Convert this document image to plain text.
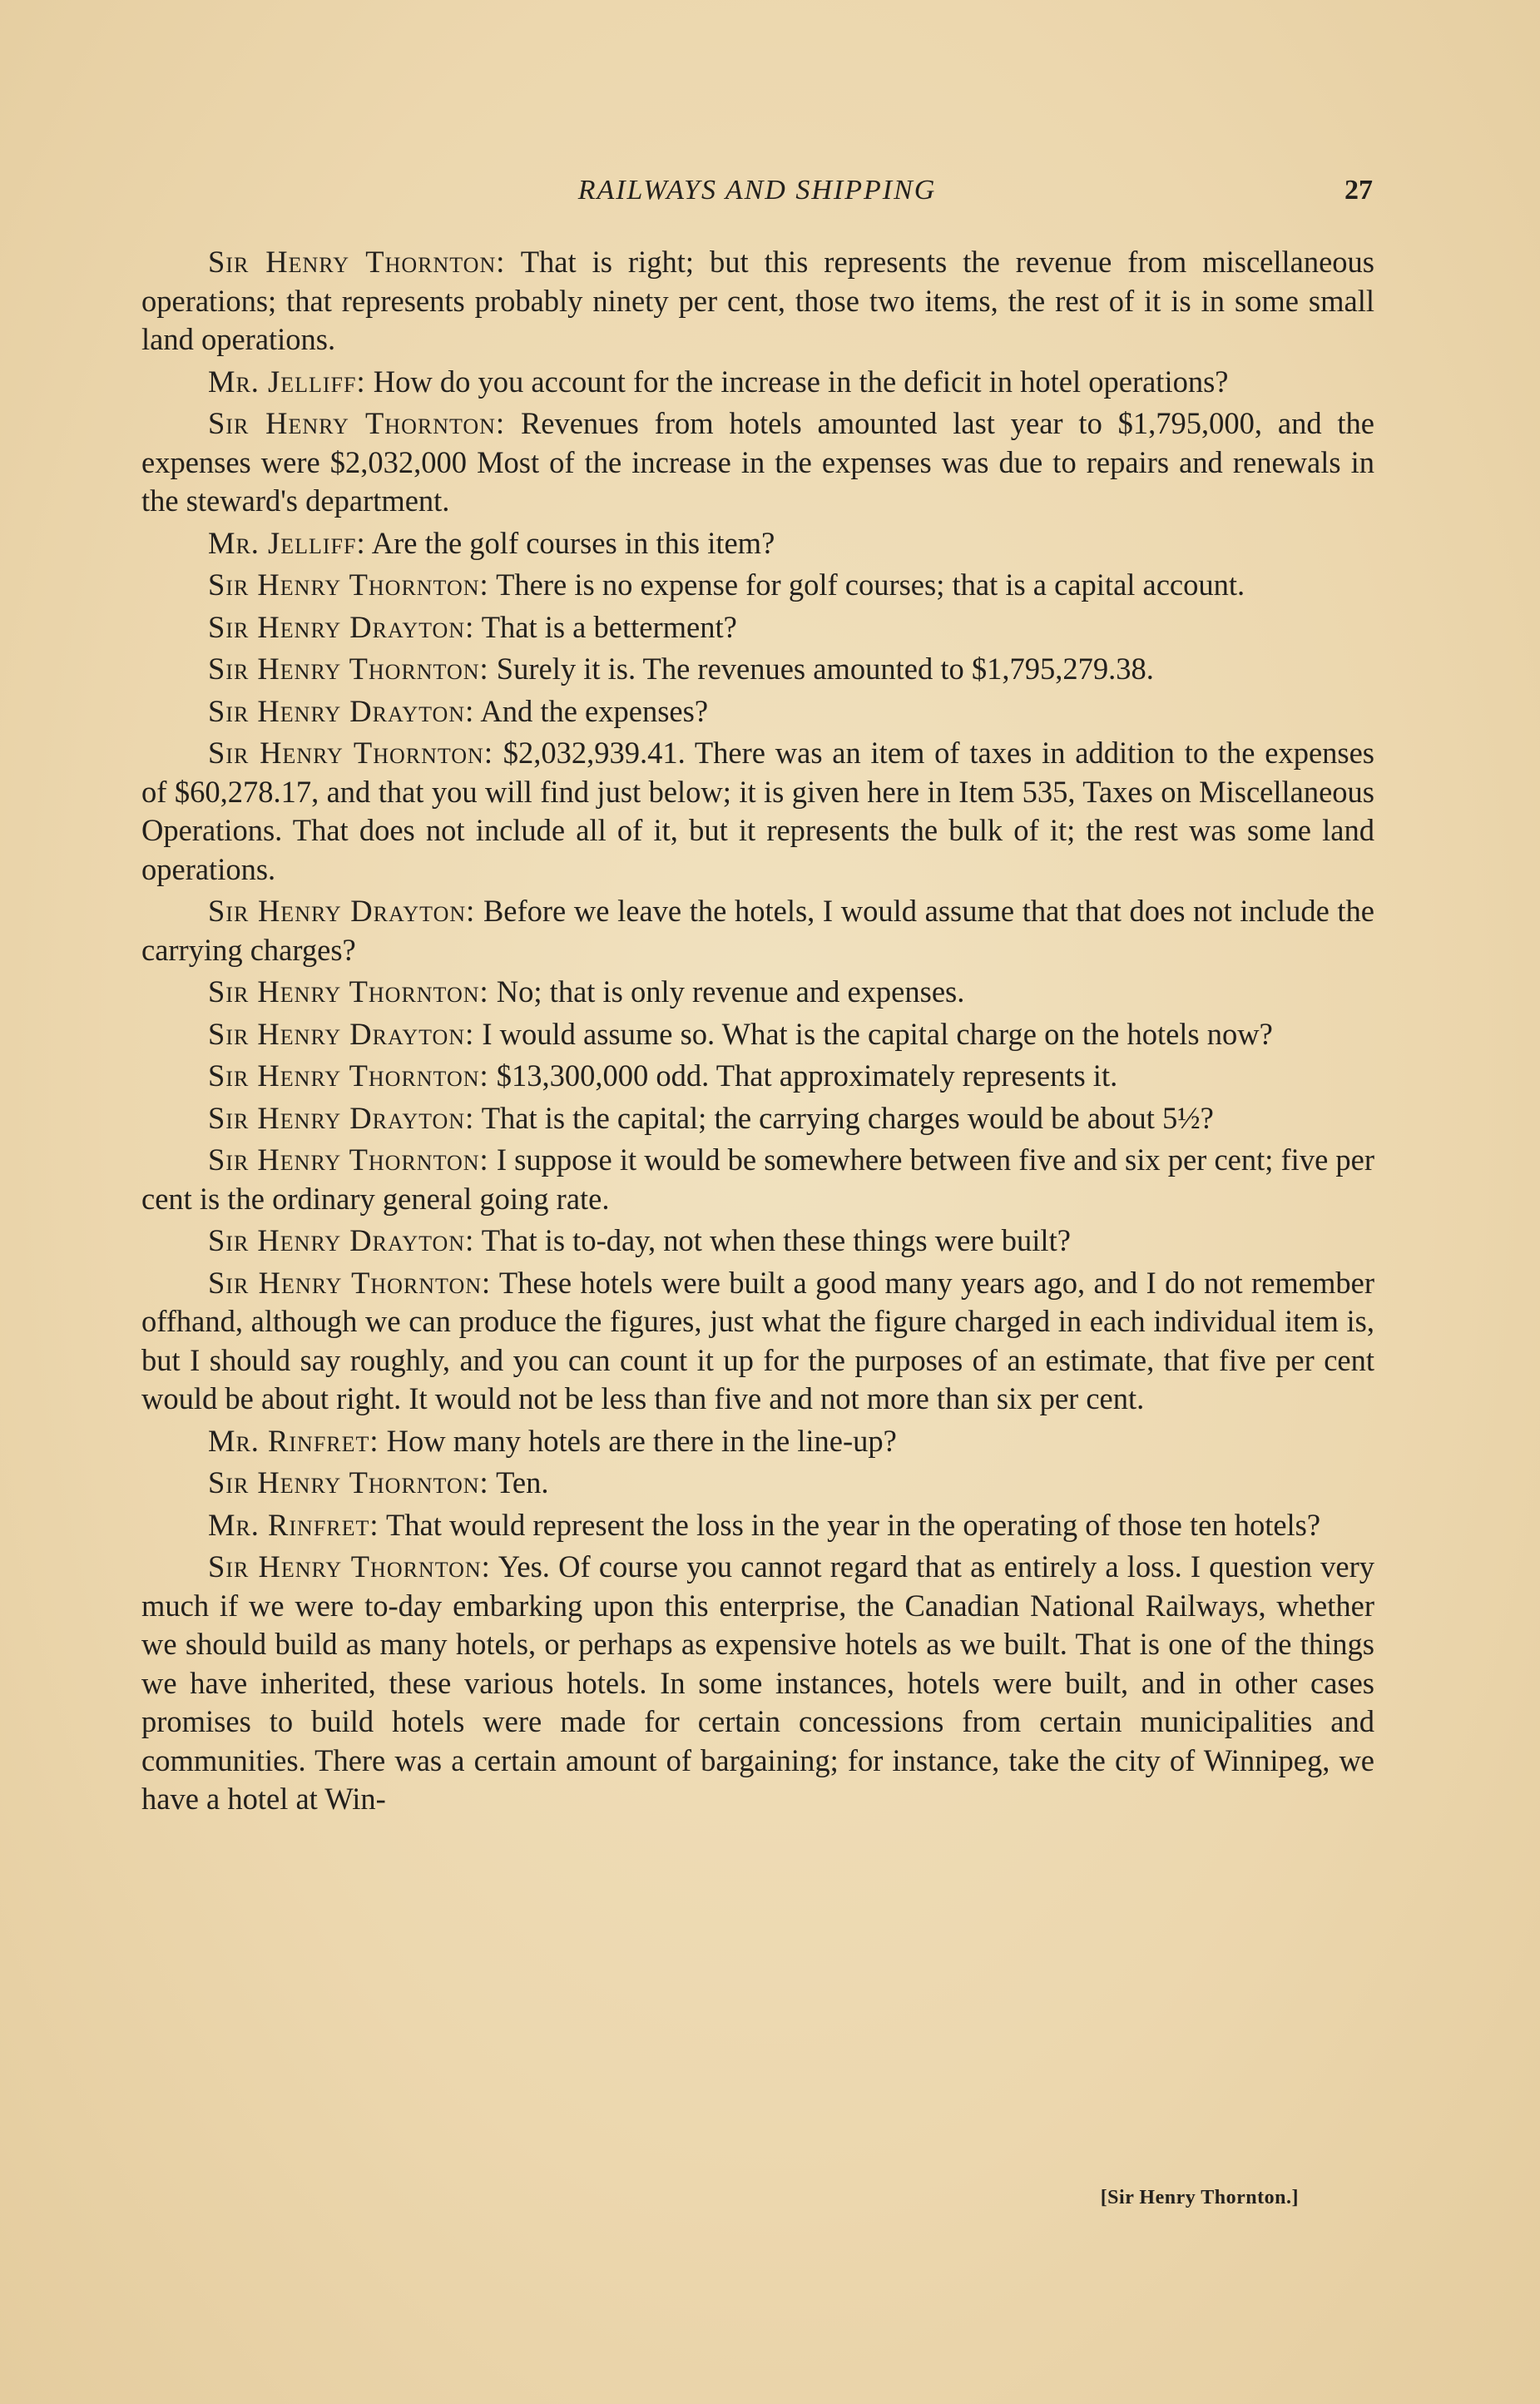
RAILWAYS AND SHIPPING	27

Sir Henry Thornton: That is right; but this represents the revenue from miscellaneous operations; that represents probably ninety per cent, those two items, the rest of it is in some small land operations.

Mr. Jelliff: How do you account for the increase in the deficit in hotel operations?

Sir Henry Thornton: Revenues from hotels amounted last year to $1,795,000, and the expenses were $2,032,000 Most of the increase in the expenses was due to repairs and renewals in the steward's department.

Mr. Jelliff: Are the golf courses in this item?

Sir Henry Thornton: There is no expense for golf courses; that is a capital account.

Sir Henry Drayton: That is a betterment?

Sir Henry Thornton: Surely it is. The revenues amounted to $1,795,279.38.

Sir Henry Drayton: And the expenses?

Sir Henry Thornton: $2,032,939.41. There was an item of taxes in addition to the expenses of $60,278.17, and that you will find just below; it is given here in Item 535, Taxes on Miscellaneous Operations. That does not include all of it, but it represents the bulk of it; the rest was some land operations.

Sir Henry Drayton: Before we leave the hotels, I would assume that that does not include the carrying charges?

Sir Henry Thornton: No; that is only revenue and expenses.

Sir Henry Drayton: I would assume so. What is the capital charge on the hotels now?

Sir Henry Thornton: $13,300,000 odd. That approximately represents it.

Sir Henry Drayton: That is the capital; the carrying charges would be about 5½?

Sir Henry Thornton: I suppose it would be somewhere between five and six per cent; five per cent is the ordinary general going rate.

Sir Henry Drayton: That is to-day, not when these things were built?

Sir Henry Thornton: These hotels were built a good many years ago, and I do not remember offhand, although we can produce the figures, just what the figure charged in each individual item is, but I should say roughly, and you can count it up for the purposes of an estimate, that five per cent would be about right. It would not be less than five and not more than six per cent.

Mr. Rinfret: How many hotels are there in the line-up?

Sir Henry Thornton: Ten.

Mr. Rinfret: That would represent the loss in the year in the operating of those ten hotels?

Sir Henry Thornton: Yes. Of course you cannot regard that as entirely a loss. I question very much if we were to-day embarking upon this enterprise, the Canadian National Railways, whether we should build as many hotels, or perhaps as expensive hotels as we built. That is one of the things we have inherited, these various hotels. In some instances, hotels were built, and in other cases promises to build hotels were made for certain concessions from certain municipalities and communities. There was a certain amount of bargaining; for instance, take the city of Winnipeg, we have a hotel at Win-

[Sir Henry Thornton.]
